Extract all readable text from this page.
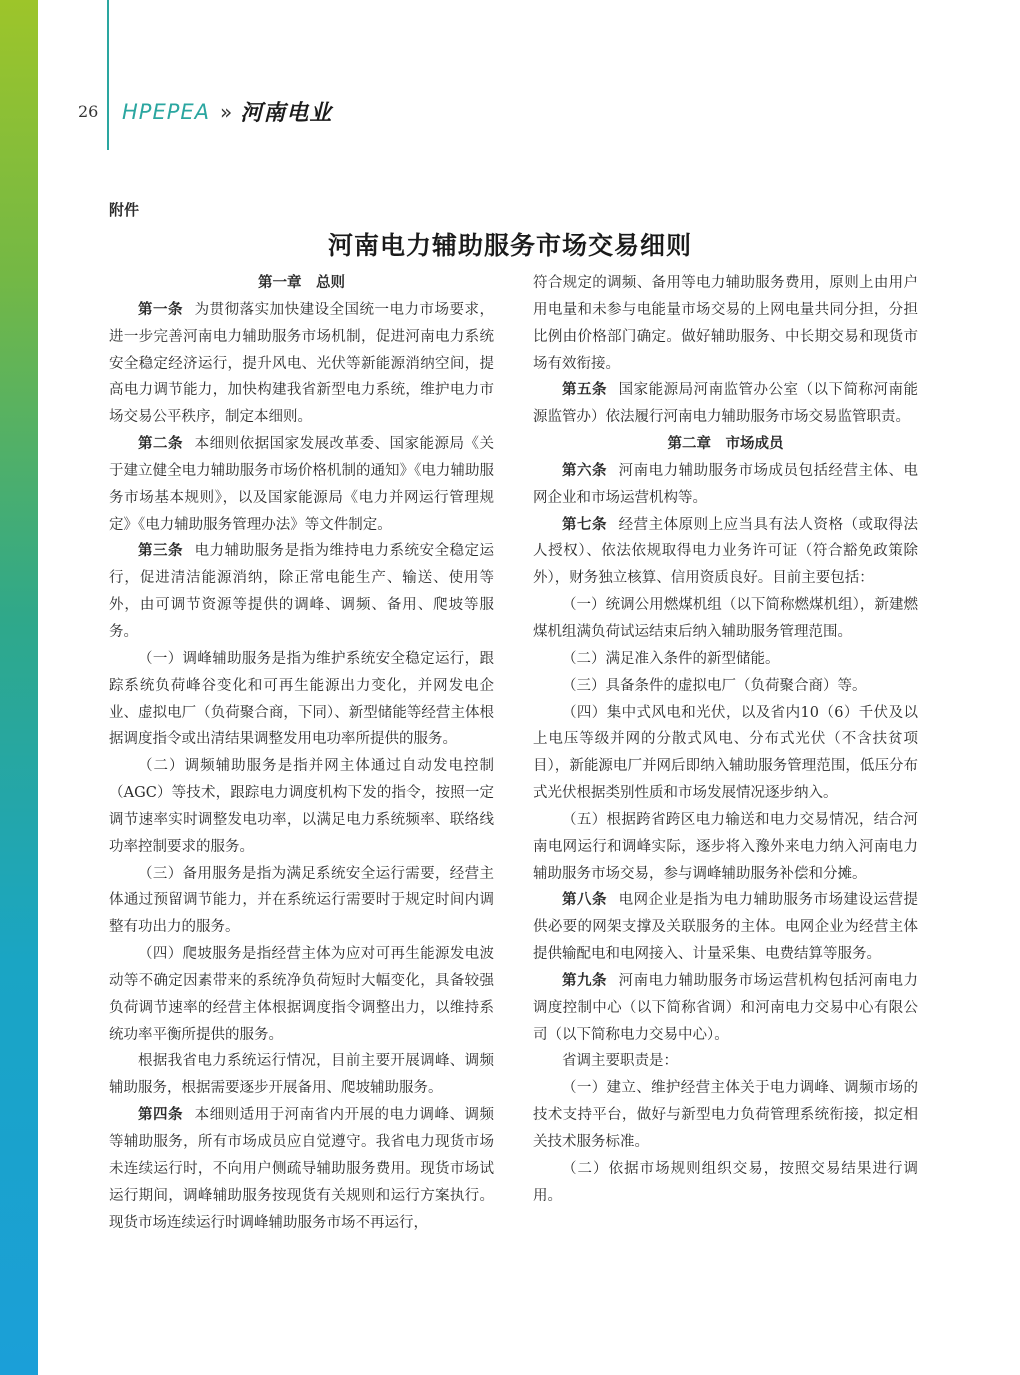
26 HPEPEA » 河南电业
附件
河南电力辅助服务市场交易细则
第一章　总则

第一条 为贯彻落实加快建设全国统一电力市场要求，进一步完善河南电力辅助服务市场机制，促进河南电力系统安全稳定经济运行，提升风电、光伏等新能源消纳空间，提高电力调节能力，加快构建我省新型电力系统，维护电力市场交易公平秩序，制定本细则。

第二条 本细则依据国家发展改革委、国家能源局《关于建立健全电力辅助服务市场价格机制的通知》《电力辅助服务市场基本规则》，以及国家能源局《电力并网运行管理规定》《电力辅助服务管理办法》等文件制定。

第三条 电力辅助服务是指为维持电力系统安全稳定运行，促进清洁能源消纳，除正常电能生产、输送、使用等外，由可调节资源等提供的调峰、调频、备用、爬坡等服务。

（一）调峰辅助服务是指为维护系统安全稳定运行，跟踪系统负荷峰谷变化和可再生能源出力变化，并网发电企业、虚拟电厂（负荷聚合商，下同）、新型储能等经营主体根据调度指令或出清结果调整发用电功率所提供的服务。

（二）调频辅助服务是指并网主体通过自动发电控制（AGC）等技术，跟踪电力调度机构下发的指令，按照一定调节速率实时调整发电功率，以满足电力系统频率、联络线功率控制要求的服务。

（三）备用服务是指为满足系统安全运行需要，经营主体通过预留调节能力，并在系统运行需要时于规定时间内调整有功出力的服务。

（四）爬坡服务是指经营主体为应对可再生能源发电波动等不确定因素带来的系统净负荷短时大幅变化，具备较强负荷调节速率的经营主体根据调度指令调整出力，以维持系统功率平衡所提供的服务。

根据我省电力系统运行情况，目前主要开展调峰、调频辅助服务，根据需要逐步开展备用、爬坡辅助服务。

第四条 本细则适用于河南省内开展的电力调峰、调频等辅助服务，所有市场成员应自觉遵守。我省电力现货市场未连续运行时，不向用户侧疏导辅助服务费用。现货市场试运行期间，调峰辅助服务按现货有关规则和运行方案执行。现货市场连续运行时调峰辅助服务市场不再运行，

符合规定的调频、备用等电力辅助服务费用，原则上由用户用电量和未参与电能量市场交易的上网电量共同分担，分担比例由价格部门确定。做好辅助服务、中长期交易和现货市场有效衔接。

第五条 国家能源局河南监管办公室（以下简称河南能源监管办）依法履行河南电力辅助服务市场交易监管职责。

第二章　市场成员

第六条 河南电力辅助服务市场成员包括经营主体、电网企业和市场运营机构等。

第七条 经营主体原则上应当具有法人资格（或取得法人授权）、依法依规取得电力业务许可证（符合豁免政策除外），财务独立核算、信用资质良好。目前主要包括：

（一）统调公用燃煤机组（以下简称燃煤机组），新建燃煤机组满负荷试运结束后纳入辅助服务管理范围。

（二）满足准入条件的新型储能。

（三）具备条件的虚拟电厂（负荷聚合商）等。

（四）集中式风电和光伏，以及省内10（6）千伏及以上电压等级并网的分散式风电、分布式光伏（不含扶贫项目），新能源电厂并网后即纳入辅助服务管理范围，低压分布式光伏根据类别性质和市场发展情况逐步纳入。

（五）根据跨省跨区电力输送和电力交易情况，结合河南电网运行和调峰实际，逐步将入豫外来电力纳入河南电力辅助服务市场交易，参与调峰辅助服务补偿和分摊。

第八条 电网企业是指为电力辅助服务市场建设运营提供必要的网架支撑及关联服务的主体。电网企业为经营主体提供输配电和电网接入、计量采集、电费结算等服务。

第九条 河南电力辅助服务市场运营机构包括河南电力调度控制中心（以下简称省调）和河南电力交易中心有限公司（以下简称电力交易中心）。

省调主要职责是：

（一）建立、维护经营主体关于电力调峰、调频市场的技术支持平台，做好与新型电力负荷管理系统衔接，拟定相关技术服务标准。

（二）依据市场规则组织交易，按照交易结果进行调用。
